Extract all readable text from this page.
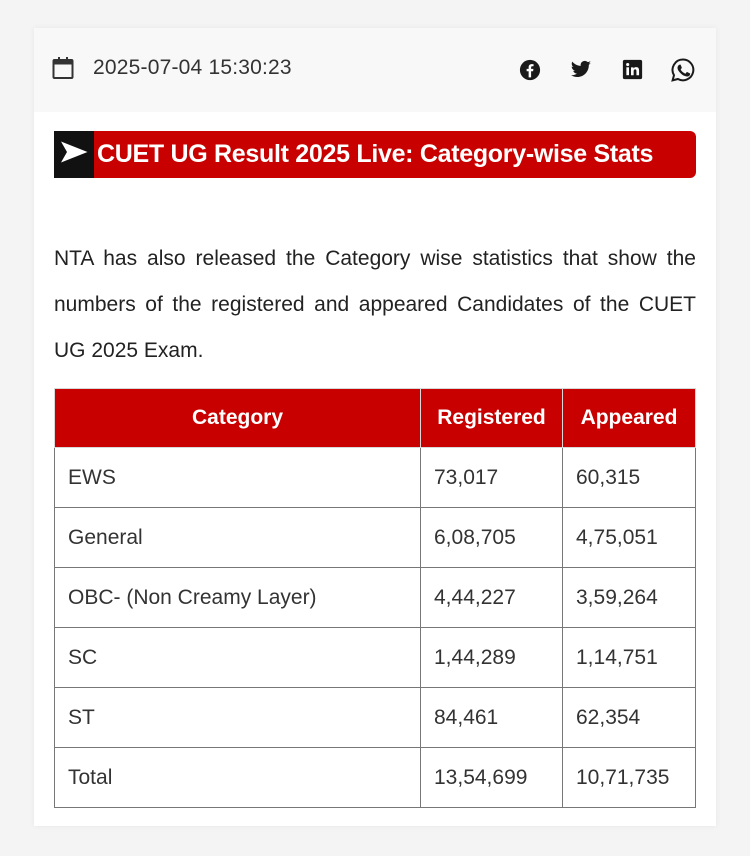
2025-07-04 15:30:23
CUET UG Result 2025 Live: Category-wise Stats

NTA has also released the Category wise statistics that show the numbers of the registered and appeared Candidates of the CUET UG 2025 Exam.

Category	Registered	Appeared
EWS	73,017	60,315
General	6,08,705	4,75,051
OBC- (Non Creamy Layer)	4,44,227	3,59,264
SC	1,44,289	1,14,751
ST	84,461	62,354
Total	13,54,699	10,71,735
